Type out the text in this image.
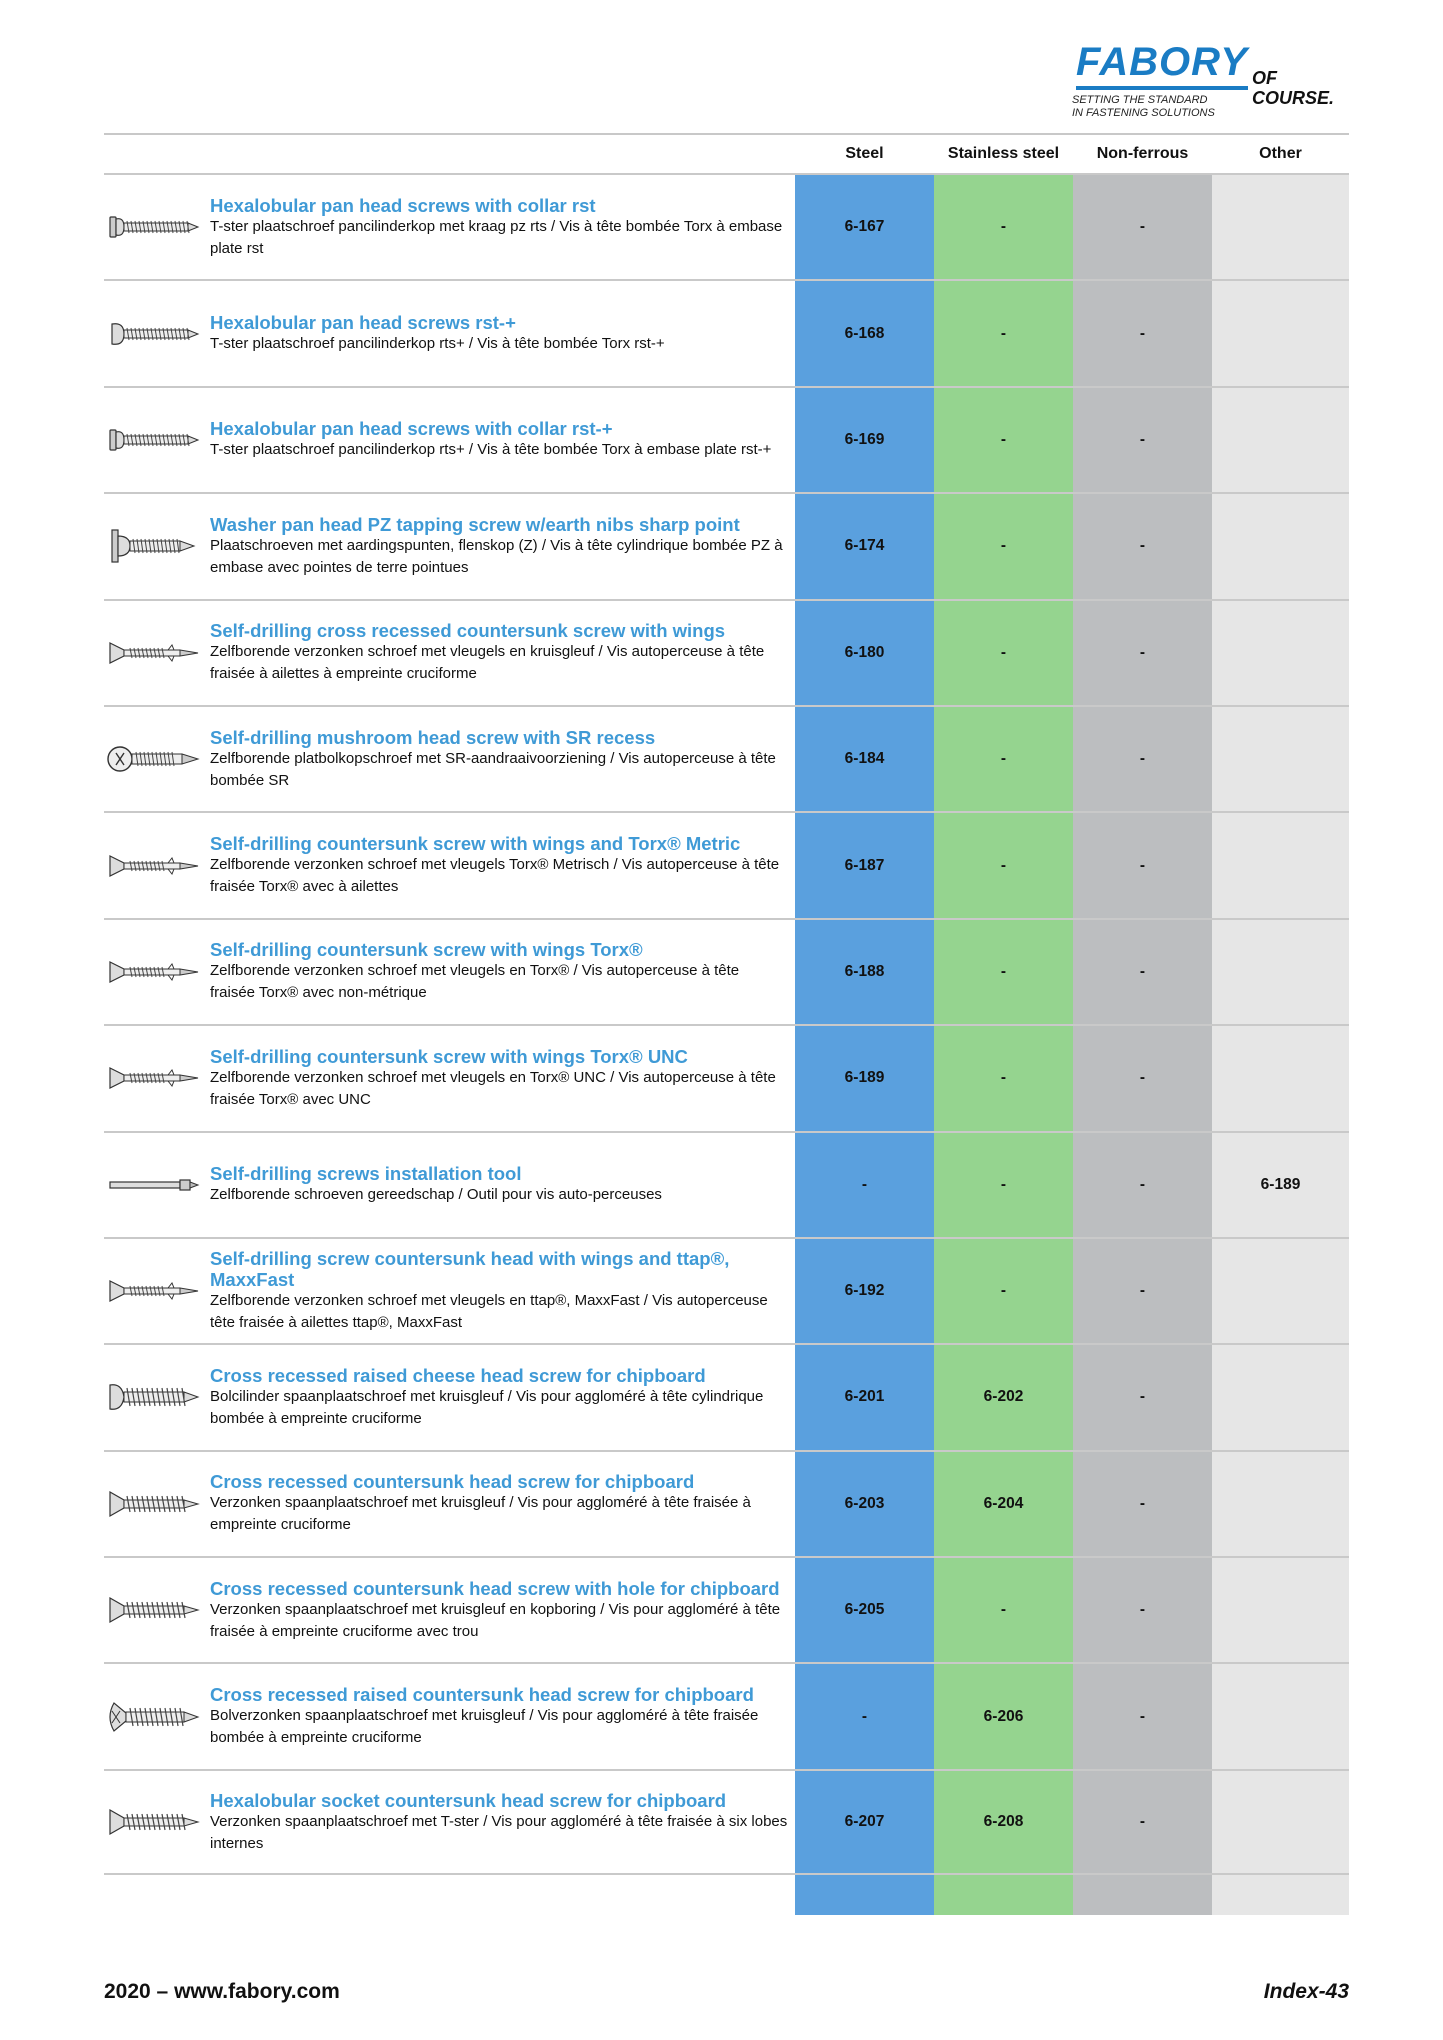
FABORY OF COURSE.
SETTING THE STANDARD
IN FASTENING SOLUTIONS
Steel	Stainless steel	Non-ferrous	Other
Hexalobular pan head screws with collar rst
T-ster plaatschroef pancilinderkop met kraag pz rts / Vis à tête bombée Torx à embase plate rst
6-167	-	-
Hexalobular pan head screws rst-+
T-ster plaatschroef pancilinderkop rts+ / Vis à tête bombée Torx rst-+
6-168	-	-
Hexalobular pan head screws with collar rst-+
T-ster plaatschroef pancilinderkop rts+ / Vis à tête bombée Torx à embase plate rst-+
6-169	-	-
Washer pan head PZ tapping screw w/earth nibs sharp point
Plaatschroeven met aardingspunten, flenskop (Z) / Vis à tête cylindrique bombée PZ à embase avec pointes de terre pointues
6-174	-	-
Self-drilling cross recessed countersunk screw with wings
Zelfborende verzonken schroef met vleugels en kruisgleuf / Vis autoperceuse à tête fraisée à ailettes à empreinte cruciforme
6-180	-	-
Self-drilling mushroom head screw with SR recess
Zelfborende platbolkopschroef met SR-aandraaivoorziening / Vis autoperceuse à tête bombée SR
6-184	-	-
Self-drilling countersunk screw with wings and Torx® Metric
Zelfborende verzonken schroef met vleugels Torx® Metrisch / Vis autoperceuse à tête fraisée Torx® avec à ailettes
6-187	-	-
Self-drilling countersunk screw with wings Torx®
Zelfborende verzonken schroef met vleugels en Torx® / Vis autoperceuse à tête fraisée Torx® avec non-métrique
6-188	-	-
Self-drilling countersunk screw with wings Torx® UNC
Zelfborende verzonken schroef met vleugels en Torx® UNC / Vis autoperceuse à tête fraisée Torx® avec UNC
6-189	-	-
Self-drilling screws installation tool
Zelfborende schroeven gereedschap / Outil pour vis auto-perceuses
-	-	-	6-189
Self-drilling screw countersunk head with wings and ttap®, MaxxFast
Zelfborende verzonken schroef met vleugels en ttap®, MaxxFast / Vis autoperceuse tête fraisée à ailettes ttap®, MaxxFast
6-192	-	-
Cross recessed raised cheese head screw for chipboard
Bolcilinder spaanplaatschroef met kruisgleuf / Vis pour aggloméré à tête cylindrique bombée à empreinte cruciforme
6-201	6-202	-
Cross recessed countersunk head screw for chipboard
Verzonken spaanplaatschroef met kruisgleuf / Vis pour aggloméré à tête fraisée à empreinte cruciforme
6-203	6-204	-
Cross recessed countersunk head screw with hole for chipboard
Verzonken spaanplaatschroef met kruisgleuf en kopboring / Vis pour aggloméré à tête fraisée à empreinte cruciforme avec trou
6-205	-	-
Cross recessed raised countersunk head screw for chipboard
Bolverzonken spaanplaatschroef met kruisgleuf / Vis pour aggloméré à tête fraisée bombée à empreinte cruciforme
-	6-206	-
Hexalobular socket countersunk head screw for chipboard
Verzonken spaanplaatschroef met T-ster / Vis pour aggloméré à tête fraisée à six lobes internes
6-207	6-208	-
2020 – www.fabory.com	Index-43
